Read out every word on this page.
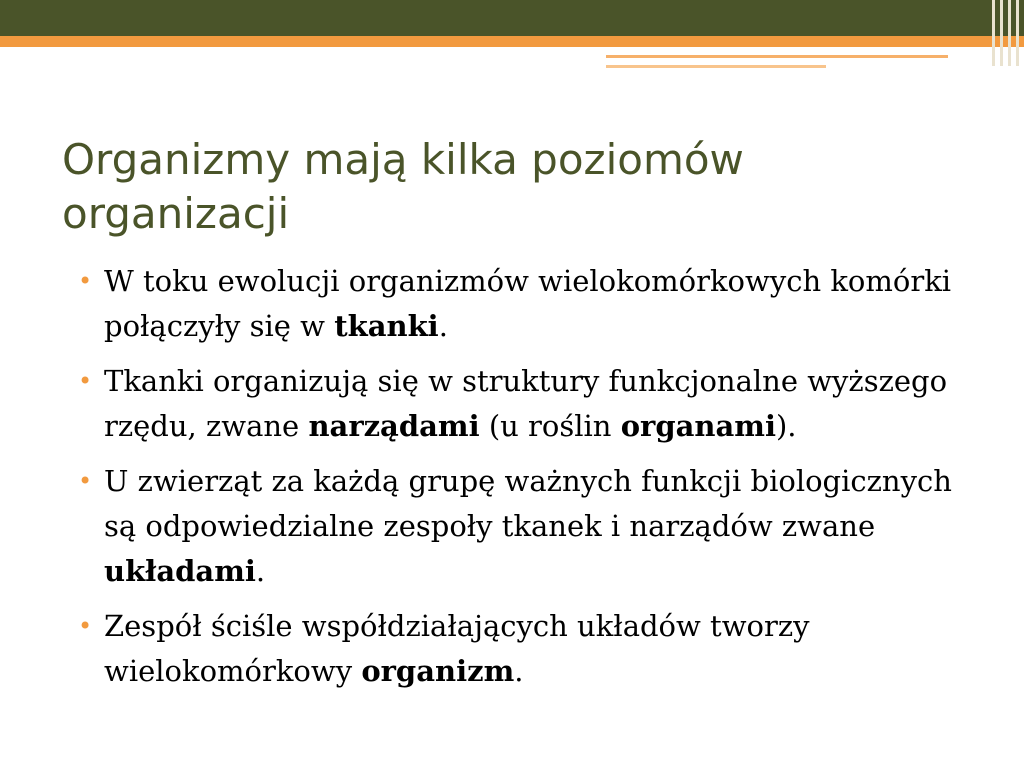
Organizmy mają kilka poziomów
organizacji
• W toku ewolucji organizmów wielokomórkowych komórki połączyły się w tkanki.
• Tkanki organizują się w struktury funkcjonalne wyższego rzędu, zwane narządami (u roślin organami).
• U zwierząt za każdą grupę ważnych funkcji biologicznych są odpowiedzialne zespoły tkanek i narządów zwane układami.
• Zespół ściśle współdziałających układów tworzy wielokomórkowy organizm.
